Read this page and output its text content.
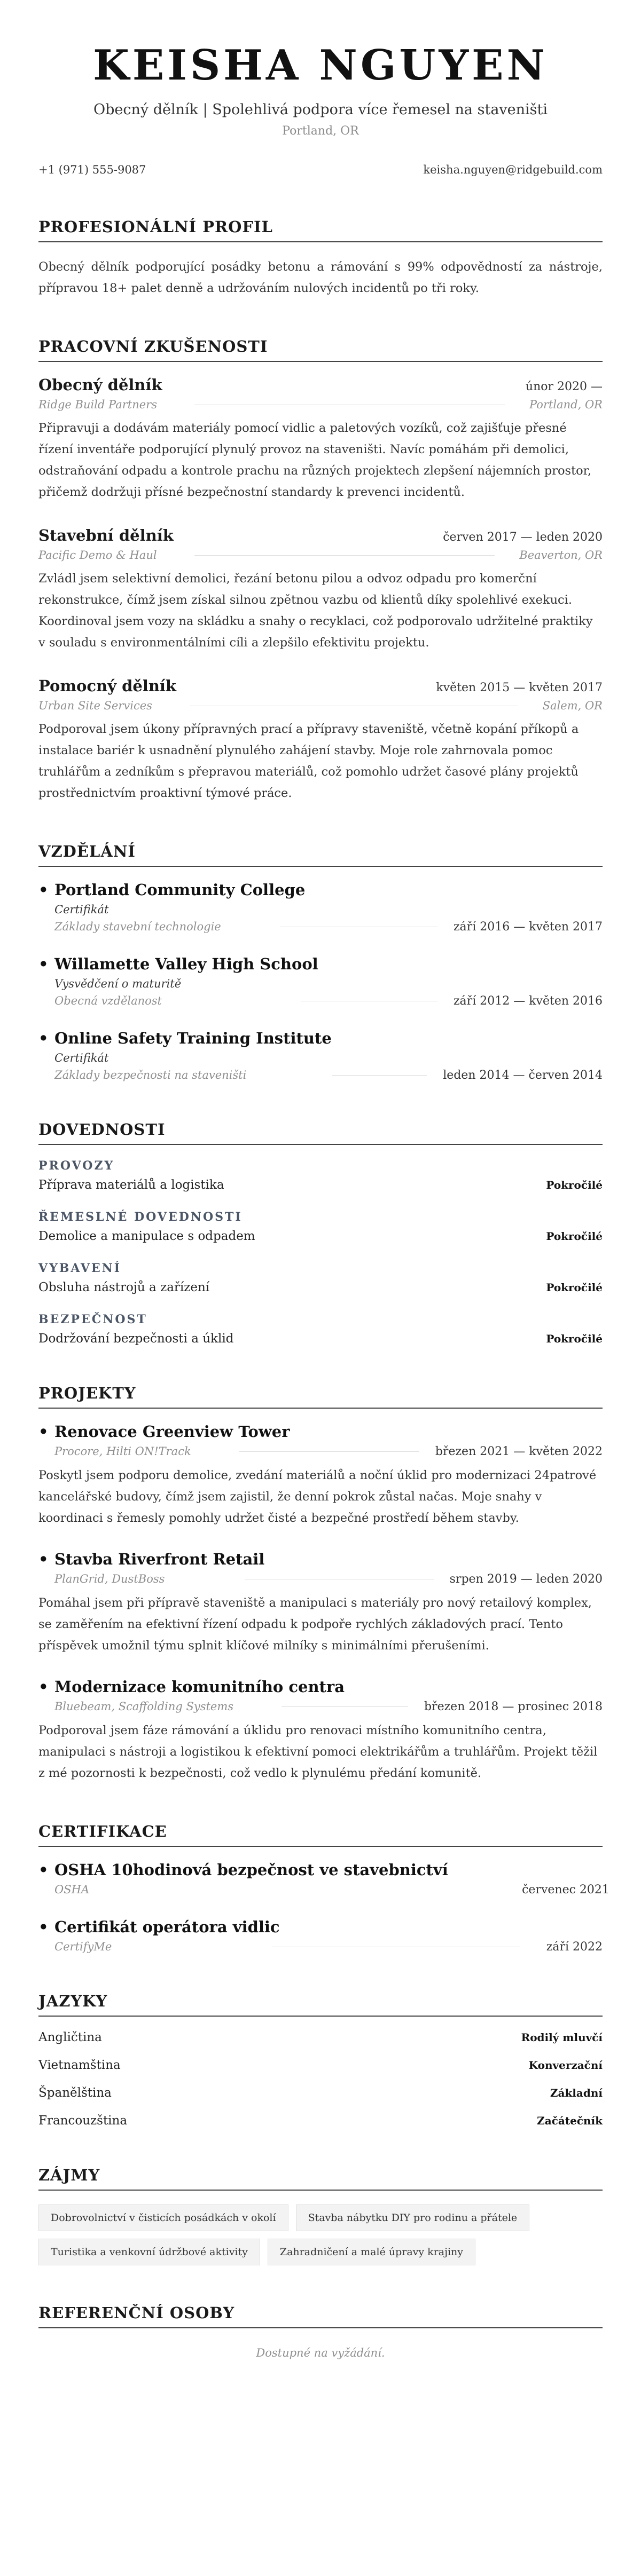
KEISHA NGUYEN
Obecný dělník | Spolehlivá podpora více řemesel na staveništi
Portland, OR
+1 (971) 555-9087	keisha.nguyen@ridgebuild.com
PROFESIONÁLNÍ PROFIL

Obecný dělník podporující posádky betonu a rámování s 99% odpovědností za nástroje, přípravou 18+ palet denně a udržováním nulových incidentů po tři roky.

PRACOVNÍ ZKUŠENOSTI
Obecný dělník	únor 2020 —
Ridge Build Partners	Portland, OR

Připravuji a dodávám materiály pomocí vidlic a paletových vozíků, což zajišťuje přesné řízení inventáře podporující plynulý provoz na staveništi. Navíc pomáhám při demolici, odstraňování odpadu a kontrole prachu na různých projektech zlepšení nájemních prostor, přičemž dodržuji přísné bezpečnostní standardy k prevenci incidentů.

Stavební dělník	červen 2017 — leden 2020
Pacific Demo & Haul	Beaverton, OR

Zvládl jsem selektivní demolici, řezání betonu pilou a odvoz odpadu pro komerční rekonstrukce, čímž jsem získal silnou zpětnou vazbu od klientů díky spolehlivé exekuci. Koordinoval jsem vozy na skládku a snahy o recyklaci, což podporovalo udržitelné praktiky v souladu s environmentálními cíli a zlepšilo efektivitu projektu.

Pomocný dělník	květen 2015 — květen 2017
Urban Site Services	Salem, OR

Podporoval jsem úkony přípravných prací a přípravy staveniště, včetně kopání příkopů a instalace bariér k usnadnění plynulého zahájení stavby. Moje role zahrnovala pomoc truhlářům a zedníkům s přepravou materiálů, což pomohlo udržet časové plány projektů prostřednictvím proaktivní týmové práce.

VZDĚLÁNÍ
• Portland Community College
Certifikát
Základy stavební technologie	září 2016 — květen 2017
• Willamette Valley High School
Vysvědčení o maturitě
Obecná vzdělanost	září 2012 — květen 2016
• Online Safety Training Institute
Certifikát
Základy bezpečnosti na staveništi	leden 2014 — červen 2014
DOVEDNOSTI
PROVOZY
Příprava materiálů a logistika	Pokročilé
ŘEMESLNÉ DOVEDNOSTI
Demolice a manipulace s odpadem	Pokročilé
VYBAVENÍ
Obsluha nástrojů a zařízení	Pokročilé
BEZPEČNOST
Dodržování bezpečnosti a úklid	Pokročilé
PROJEKTY
• Renovace Greenview Tower
Procore, Hilti ON!Track	březen 2021 — květen 2022

Poskytl jsem podporu demolice, zvedání materiálů a noční úklid pro modernizaci 24patrové kancelářské budovy, čímž jsem zajistil, že denní pokrok zůstal načas. Moje snahy v koordinaci s řemesly pomohly udržet čisté a bezpečné prostředí během stavby.

• Stavba Riverfront Retail
PlanGrid, DustBoss	srpen 2019 — leden 2020

Pomáhal jsem při přípravě staveniště a manipulaci s materiály pro nový retailový komplex, se zaměřením na efektivní řízení odpadu k podpoře rychlých základových prací. Tento příspěvek umožnil týmu splnit klíčové milníky s minimálními přerušeními.

• Modernizace komunitního centra
Bluebeam, Scaffolding Systems	březen 2018 — prosinec 2018

Podporoval jsem fáze rámování a úklidu pro renovaci místního komunitního centra, manipulaci s nástroji a logistikou k efektivní pomoci elektrikářům a truhlářům. Projekt těžil z mé pozornosti k bezpečnosti, což vedlo k plynulému předání komunitě.

CERTIFIKACE
• OSHA 10hodinová bezpečnost ve stavebnictví
OSHA	červenec 2021
• Certifikát operátora vidlic
CertifyMe	září 2022
JAZYKY
Angličtina	Rodilý mluvčí
Vietnamština	Konverzační
Španělština	Základní
Francouzština	Začátečník
ZÁJMY
Dobrovolnictví v čisticích posádkách v okolí	Stavba nábytku DIY pro rodinu a přátele
Turistika a venkovní údržbové aktivity	Zahradničení a malé úpravy krajiny
REFERENČNÍ OSOBY
Dostupné na vyžádání.
